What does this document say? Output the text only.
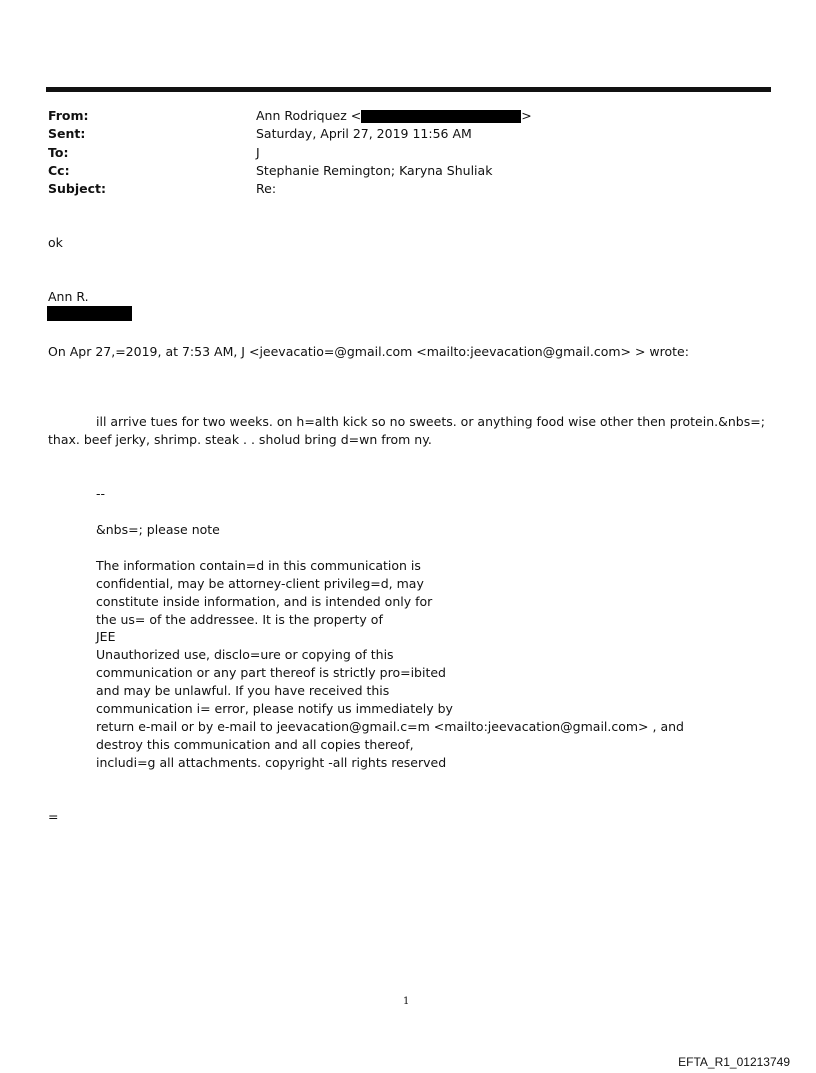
From:	Ann Rodriquez <	>
Sent:	Saturday, April 27, 2019 11:56 AM
To:	J
Cc:	Stephanie Remington; Karyna Shuliak
Subject:	Re:
ok
Ann R.
On Apr 27,=2019, at 7:53 AM, J <jeevacatio=@gmail.com <mailto:jeevacation@gmail.com> > wrote:
ill arrive tues for two weeks. on h=alth kick so no sweets. or anything food wise other then protein.&nbs=;
thax. beef jerky, shrimp. steak . . sholud bring d=wn from ny.
--
&nbs=; please note
The information contain=d in this communication is
confidential, may be attorney-client privileg=d, may
constitute inside information, and is intended only for
the us= of the addressee. It is the property of
JEE
Unauthorized use, disclo=ure or copying of this
communication or any part thereof is strictly pro=ibited
and may be unlawful. If you have received this
communication i= error, please notify us immediately by
return e-mail or by e-mail to jeevacation@gmail.c=m <mailto:jeevacation@gmail.com> , and
destroy this communication and all copies thereof,
includi=g all attachments. copyright -all rights reserved
=
1
EFTA_R1_01213749
